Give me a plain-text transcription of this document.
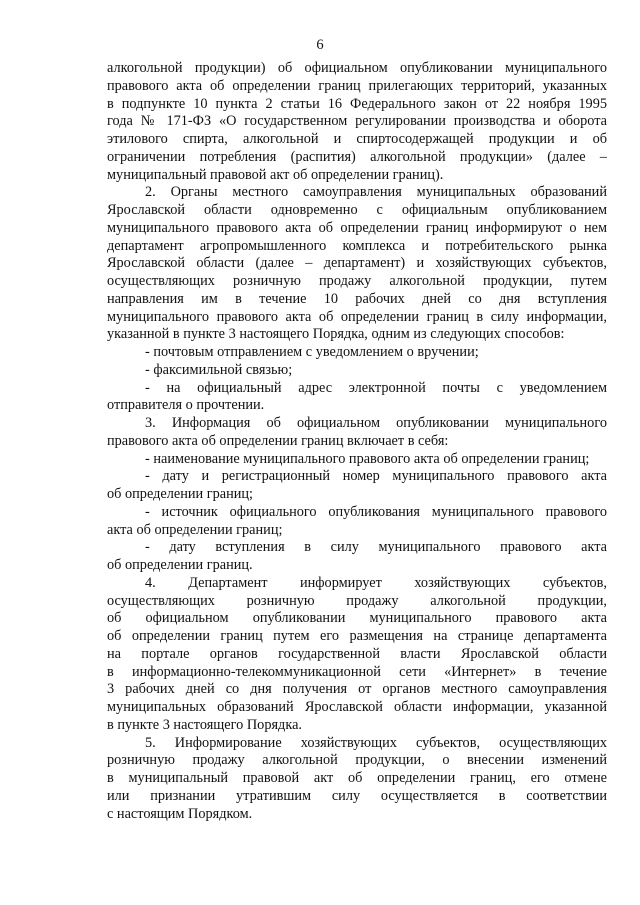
6
алкогольной продукции) об официальном опубликовании муниципального
правового акта об определении границ прилегающих территорий, указанных
в подпункте 10 пункта 2 статьи 16 Федерального закон от 22 ноября 1995
года № 171-ФЗ «О государственном регулировании производства и оборота
этилового спирта, алкогольной и спиртосодержащей продукции и об
ограничении потребления (распития) алкогольной продукции» (далее –
муниципальный правовой акт об определении границ).
2. Органы местного самоуправления муниципальных образований
Ярославской области одновременно с официальным опубликованием
муниципального правового акта об определении границ информируют о нем
департамент агропромышленного комплекса и потребительского рынка
Ярославской области (далее – департамент) и хозяйствующих субъектов,
осуществляющих розничную продажу алкогольной продукции, путем
направления им в течение 10 рабочих дней со дня вступления
муниципального правового акта об определении границ в силу информации,
указанной в пункте 3 настоящего Порядка, одним из следующих способов:
- почтовым отправлением с уведомлением о вручении;
- факсимильной связью;
- на официальный адрес электронной почты с уведомлением
отправителя о прочтении.
3. Информация об официальном опубликовании муниципального
правового акта об определении границ включает в себя:
- наименование муниципального правового акта об определении границ;
- дату и регистрационный номер муниципального правового акта
об определении границ;
- источник официального опубликования муниципального правового
акта об определении границ;
- дату вступления в силу муниципального правового акта
об определении границ.
4. Департамент информирует хозяйствующих субъектов,
осуществляющих розничную продажу алкогольной продукции,
об официальном опубликовании муниципального правового акта
об определении границ путем его размещения на странице департамента
на портале органов государственной власти Ярославской области
в информационно-телекоммуникационной сети «Интернет» в течение
3 рабочих дней со дня получения от органов местного самоуправления
муниципальных образований Ярославской области информации, указанной
в пункте 3 настоящего Порядка.
5. Информирование хозяйствующих субъектов, осуществляющих
розничную продажу алкогольной продукции, о внесении изменений
в муниципальный правовой акт об определении границ, его отмене
или признании утратившим силу осуществляется в соответствии
с настоящим Порядком.
